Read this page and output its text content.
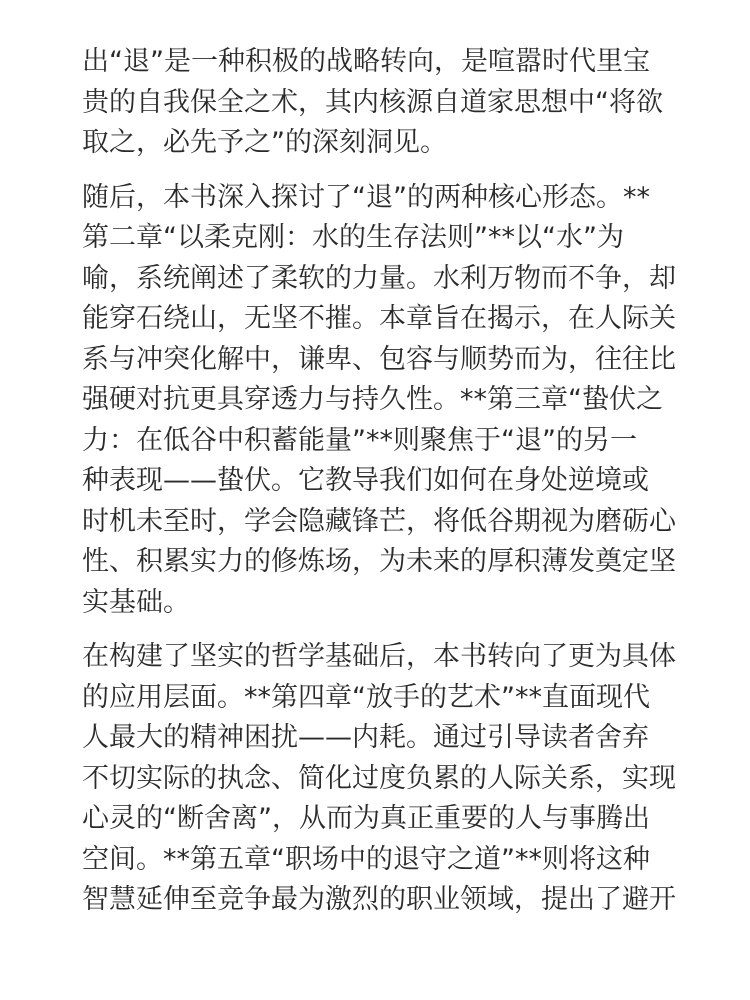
出“退”是一种积极的战略转向，是喧嚣时代里宝
贵的自我保全之术，其内核源自道家思想中“将欲
取之，必先予之”的深刻洞见。

随后，本书深入探讨了“退”的两种核心形态。**
第二章“以柔克刚：水的生存法则”**以“水”为
喻，系统阐述了柔软的力量。水利万物而不争，却
能穿石绕山，无坚不摧。本章旨在揭示，在人际关
系与冲突化解中，谦卑、包容与顺势而为，往往比
强硬对抗更具穿透力与持久性。**第三章“蛰伏之
力：在低谷中积蓄能量”**则聚焦于“退”的另一
种表现——蛰伏。它教导我们如何在身处逆境或
时机未至时，学会隐藏锋芒，将低谷期视为磨砺心
性、积累实力的修炼场，为未来的厚积薄发奠定坚
实基础。

在构建了坚实的哲学基础后，本书转向了更为具体
的应用层面。**第四章“放手的艺术”**直面现代
人最大的精神困扰——内耗。通过引导读者舍弃
不切实际的执念、简化过度负累的人际关系，实现
心灵的“断舍离”，从而为真正重要的人与事腾出
空间。**第五章“职场中的退守之道”**则将这种
智慧延伸至竞争最为激烈的职业领域，提出了避开
